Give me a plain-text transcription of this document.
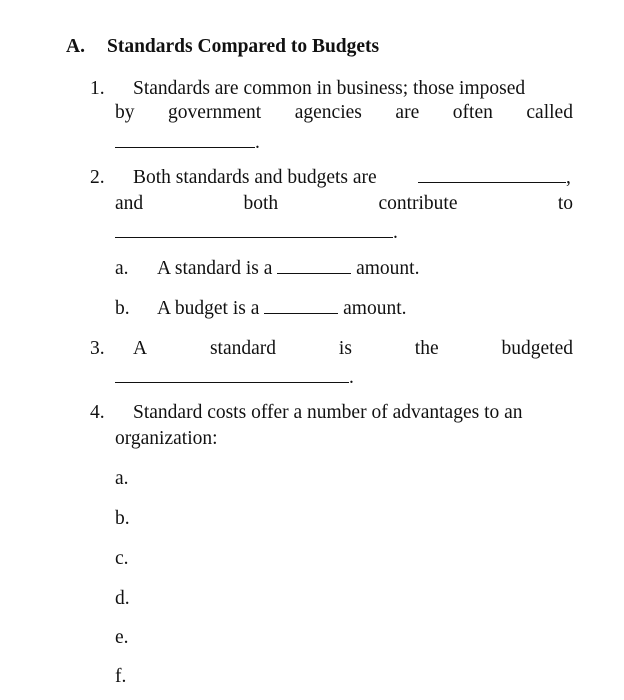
A. Standards Compared to Budgets
1. Standards are common in business; those imposed
by government agencies are often called
.
2. Both standards and budgets are	,
and	both	contribute	to
.
a. A standard is a	amount.
b. A budget is a	amount.
3. A	standard	is	the	budgeted
.
4. Standard costs offer a number of advantages to an
organization:
a.
b.
c.
d.
e.
f.
